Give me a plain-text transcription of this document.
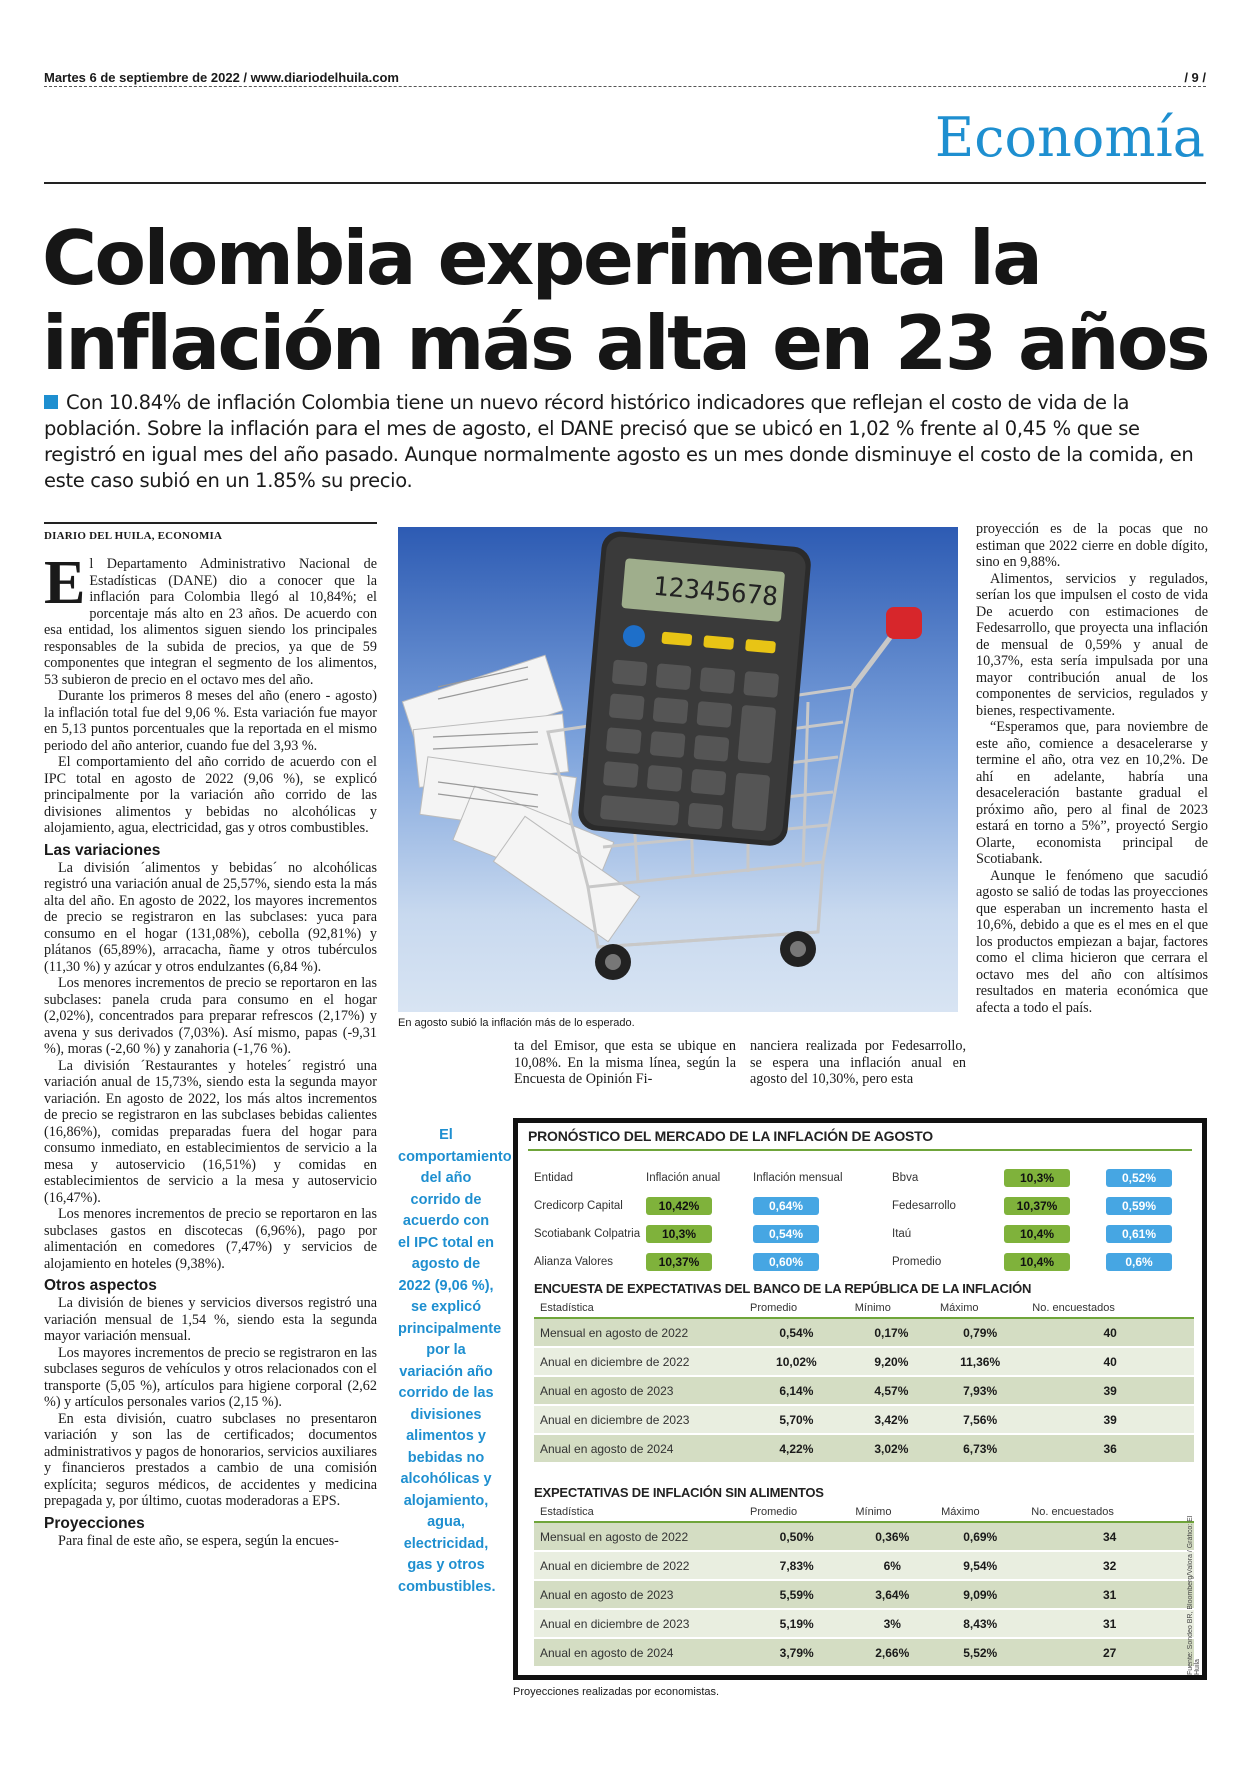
Martes 6 de septiembre de 2022 / www.diariodelhuila.com	/ 9 /
Economía
Colombia experimenta la
inflación más alta en 23 años
Con 10.84% de inflación Colombia tiene un nuevo récord histórico indicadores que reflejan el costo de vida de la población. Sobre la inflación para el mes de agosto, el DANE precisó que se ubicó en 1,02 % frente al 0,45 % que se registró en igual mes del año pasado. Aunque normalmente agosto es un mes donde disminuye el costo de la comida, en este caso subió en un 1.85% su precio.
DIARIO DEL HUILA, ECONOMIA

El Departamento Administrativo Nacional de Estadísticas (DANE) dio a conocer que la inflación para Colombia llegó al 10,84%; el porcentaje más alto en 23 años. De acuerdo con esa entidad, los alimentos siguen siendo los principales responsables de la subida de precios, ya que de 59 componentes que integran el segmento de los alimentos, 53 subieron de precio en el octavo mes del año.

Durante los primeros 8 meses del año (enero - agosto) la inflación total fue del 9,06 %. Esta variación fue mayor en 5,13 puntos porcentuales que la reportada en el mismo periodo del año anterior, cuando fue del 3,93 %.

El comportamiento del año corrido de acuerdo con el IPC total en agosto de 2022 (9,06 %), se explicó principalmente por la variación año corrido de las divisiones alimentos y bebidas no alcohólicas y alojamiento, agua, electricidad, gas y otros combustibles.

Las variaciones

La división ´alimentos y bebidas´ no alcohólicas registró una variación anual de 25,57%, siendo esta la más alta del año. En agosto de 2022, los mayores incrementos de precio se registraron en las subclases: yuca para consumo en el hogar (131,08%), cebolla (92,81%) y plátanos (65,89%), arracacha, ñame y otros tubérculos (11,30 %) y azúcar y otros endulzantes (6,84 %).

Los menores incrementos de precio se reportaron en las subclases: panela cruda para consumo en el hogar (2,02%), concentrados para preparar refrescos (2,17%) y avena y sus derivados (7,03%). Así mismo, papas (-9,31 %), moras (-2,60 %) y zanahoria (-1,76 %).

La división ´Restaurantes y hoteles´ registró una variación anual de 15,73%, siendo esta la segunda mayor variación. En agosto de 2022, los más altos incrementos de precio se registraron en las subclases bebidas calientes (16,86%), comidas preparadas fuera del hogar para consumo inmediato, en establecimientos de servicio a la mesa y autoservicio (16,51%) y comidas en establecimientos de servicio a la mesa y autoservicio (16,47%).

Los menores incrementos de precio se reportaron en las subclases gastos en discotecas (6,96%), pago por alimentación en comedores (7,47%) y servicios de alojamiento en hoteles (9,38%).

Otros aspectos

La división de bienes y servicios diversos registró una variación mensual de 1,54 %, siendo esta la segunda mayor variación mensual.

Los mayores incrementos de precio se registraron en las subclases seguros de vehículos y otros relacionados con el transporte (5,05 %), artículos para higiene corporal (2,62 %) y artículos personales varios (2,15 %).

En esta división, cuatro subclases no presentaron variación y son las de certificados; documentos administrativos y pagos de honorarios, servicios auxiliares y financieros prestados a cambio de una comisión explícita; seguros médicos, de accidentes y medicina prepagada y, por último, cuotas moderadoras a EPS.

Proyecciones

Para final de este año, se espera, según la encues-

12345678
En agosto subió la inflación más de lo esperado.

proyección es de la pocas que no estiman que 2022 cierre en doble dígito, sino en 9,88%.

Alimentos, servicios y regulados, serían los que impulsen el costo de vida De acuerdo con estimaciones de Fedesarrollo, que proyecta una inflación de mensual de 0,59% y anual de 10,37%, esta sería impulsada por una mayor contribución anual de los componentes de servicios, regulados y bienes, respectivamente.

“Esperamos que, para noviembre de este año, comience a desacelerarse y termine el año, otra vez en 10,2%. De ahí en adelante, habría una desaceleración bastante gradual el próximo año, pero al final de 2023 estará en torno a 5%”, proyectó Sergio Olarte, economista principal de Scotiabank.

Aunque le fenómeno que sacudió agosto se salió de todas las proyecciones que esperaban un incremento hasta el 10,6%, debido a que es el mes en el que los productos empiezan a bajar, factores como el clima hicieron que cerrara el octavo mes del año con altísimos resultados en materia económica que afecta a todo el país.

ta del Emisor, que esta se ubique en 10,08%. En la misma línea, según la Encuesta de Opinión Fi-

nanciera realizada por Fedesarrollo, se espera una inflación anual en agosto del 10,30%, pero esta

El comportamiento del año corrido de acuerdo con el IPC total en agosto de 2022 (9,06 %), se explicó principalmente por la variación año corrido de las divisiones alimentos y bebidas no alcohólicas y alojamiento, agua, electricidad, gas y otros combustibles.
PRONÓSTICO DEL MERCADO DE LA INFLACIÓN DE AGOSTO
Entidad	Inflación anual	Inflación mensual
Credicorp Capital	10,42%	0,64%
Scotiabank Colpatria	10,3%	0,54%
Alianza Valores	10,37%	0,60%
Bbva	10,3%	0,52%
Fedesarrollo	10,37%	0,59%
Itaú	10,4%	0,61%
Promedio	10,4%	0,6%
ENCUESTA DE EXPECTATIVAS DEL BANCO DE LA REPÚBLICA DE LA INFLACIÓN
Estadística	Promedio	Mínimo	Máximo	No. encuestados
Mensual en agosto de 2022	0,54%	0,17%	0,79%	40
Anual en diciembre de 2022	10,02%	9,20%	11,36%	40
Anual en agosto de 2023	6,14%	4,57%	7,93%	39
Anual en diciembre de 2023	5,70%	3,42%	7,56%	39
Anual en agosto de 2024	4,22%	3,02%	6,73%	36
EXPECTATIVAS DE INFLACIÓN SIN ALIMENTOS
Estadística	Promedio	Mínimo	Máximo	No. encuestados
Mensual en agosto de 2022	0,50%	0,36%	0,69%	34
Anual en diciembre de 2022	7,83%	6%	9,54%	32
Anual en agosto de 2023	5,59%	3,64%	9,09%	31
Anual en diciembre de 2023	5,19%	3%	8,43%	31
Anual en agosto de 2024	3,79%	2,66%	5,52%	27	Fuente: Sondeo BR, Bloomberg/Valora / Gráfico: El Huila
Proyecciones realizadas por economistas.
